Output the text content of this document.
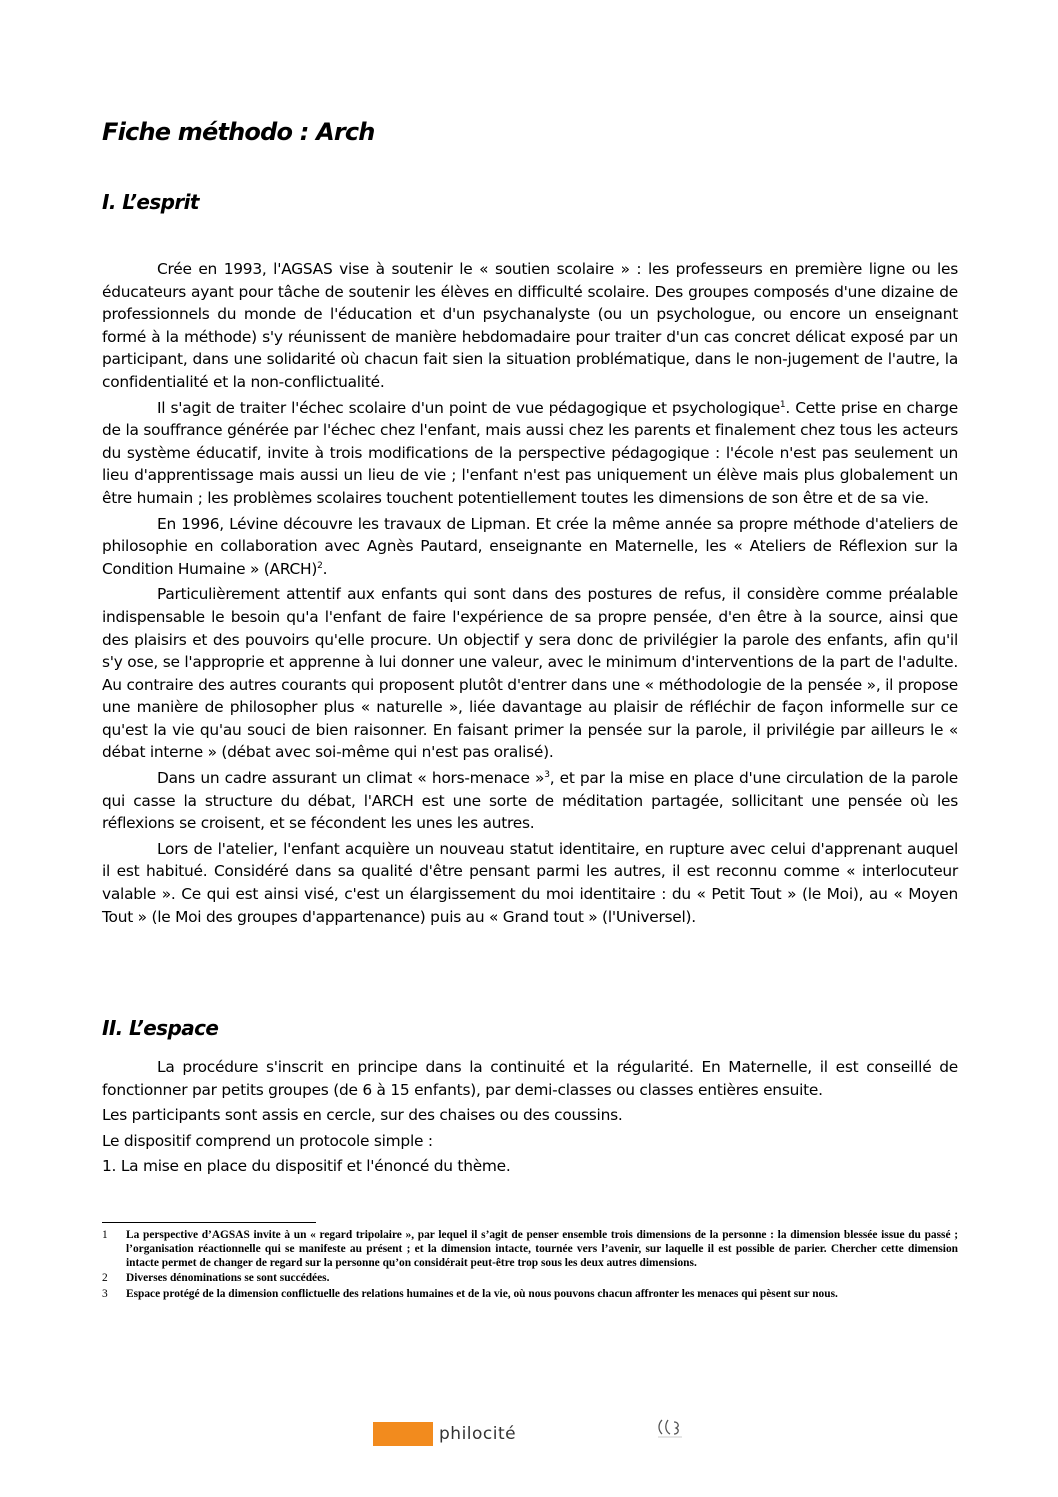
Fiche méthodo : Arch
I. L’esprit

Crée en 1993, l'AGSAS vise à soutenir le « soutien scolaire » : les professeurs en première ligne ou les éducateurs ayant pour tâche de soutenir les élèves en difficulté scolaire. Des groupes composés d'une dizaine de professionnels du monde de l'éducation et d'un psychanalyste (ou un psychologue, ou encore un enseignant formé à la méthode) s'y réunissent de manière hebdomadaire pour traiter d'un cas concret délicat exposé par un participant, dans une solidarité où chacun fait sien la situation problématique, dans le non-jugement de l'autre, la confidentialité et la non-conflictualité.

Il s'agit de traiter l'échec scolaire d'un point de vue pédagogique et psychologique$^1$. Cette prise en charge de la souffrance générée par l'échec chez l'enfant, mais aussi chez les parents et finalement chez tous les acteurs du système éducatif, invite à trois modifications de la perspective pédagogique : l'école n'est pas seulement un lieu d'apprentissage mais aussi un lieu de vie ; l'enfant n'est pas uniquement un élève mais plus globalement un être humain ; les problèmes scolaires touchent potentiellement toutes les dimensions de son être et de sa vie.

En 1996, Lévine découvre les travaux de Lipman. Et crée la même année sa propre méthode d'ateliers de philosophie en collaboration avec Agnès Pautard, enseignante en Maternelle, les « Ateliers de Réflexion sur la Condition Humaine » (ARCH)$^2$.

Particulièrement attentif aux enfants qui sont dans des postures de refus, il considère comme préalable indispensable le besoin qu'a l'enfant de faire l'expérience de sa propre pensée, d'en être à la source, ainsi que des plaisirs et des pouvoirs qu'elle procure. Un objectif y sera donc de privilégier la parole des enfants, afin qu'il s'y ose, se l'approprie et apprenne à lui donner une valeur, avec le minimum d'interventions de la part de l'adulte. Au contraire des autres courants qui proposent plutôt d'entrer dans une « méthodologie de la pensée », il propose une manière de philosopher plus « naturelle », liée davantage au plaisir de réfléchir de façon informelle sur ce qu'est la vie qu'au souci de bien raisonner. En faisant primer la pensée sur la parole, il privilégie par ailleurs le « débat interne » (débat avec soi-même qui n'est pas oralisé).

Dans un cadre assurant un climat « hors-menace »$^3$, et par la mise en place d'une circulation de la parole qui casse la structure du débat, l'ARCH est une sorte de méditation partagée, sollicitant une pensée où les réflexions se croisent, et se fécondent les unes les autres.

Lors de l'atelier, l'enfant acquière un nouveau statut identitaire, en rupture avec celui d'apprenant auquel il est habitué. Considéré dans sa qualité d'être pensant parmi les autres, il est reconnu comme « interlocuteur valable ». Ce qui est ainsi visé, c'est un élargissement du moi identitaire : du « Petit Tout » (le Moi), au « Moyen Tout » (le Moi des groupes d'appartenance) puis au « Grand tout » (l'Universel).

II. L’espace

La procédure s'inscrit en principe dans la continuité et la régularité. En Maternelle, il est conseillé de fonctionner par petits groupes (de 6 à 15 enfants), par demi-classes ou classes entières ensuite.

Les participants sont assis en cercle, sur des chaises ou des coussins.

Le dispositif comprend un protocole simple :

1. La mise en place du dispositif et l'énoncé du thème.

1	La perspective d’AGSAS invite à un « regard tripolaire », par lequel il s’agit de penser ensemble trois dimensions de la personne : la dimension blessée issue du passé ; l’organisation réactionnelle qui se manifeste au présent ; et la dimension intacte, tournée vers l’avenir, sur laquelle il est possible de parier. Chercher cette dimension intacte permet de changer de regard sur la personne qu’on considérait peut-être trop sous les deux autres dimensions.
2	Diverses dénominations se sont succédées.
3	Espace protégé de la dimension conflictuelle des relations humaines et de la vie, où nous pouvons chacun affronter les menaces qui pèsent sur nous.
philocité
